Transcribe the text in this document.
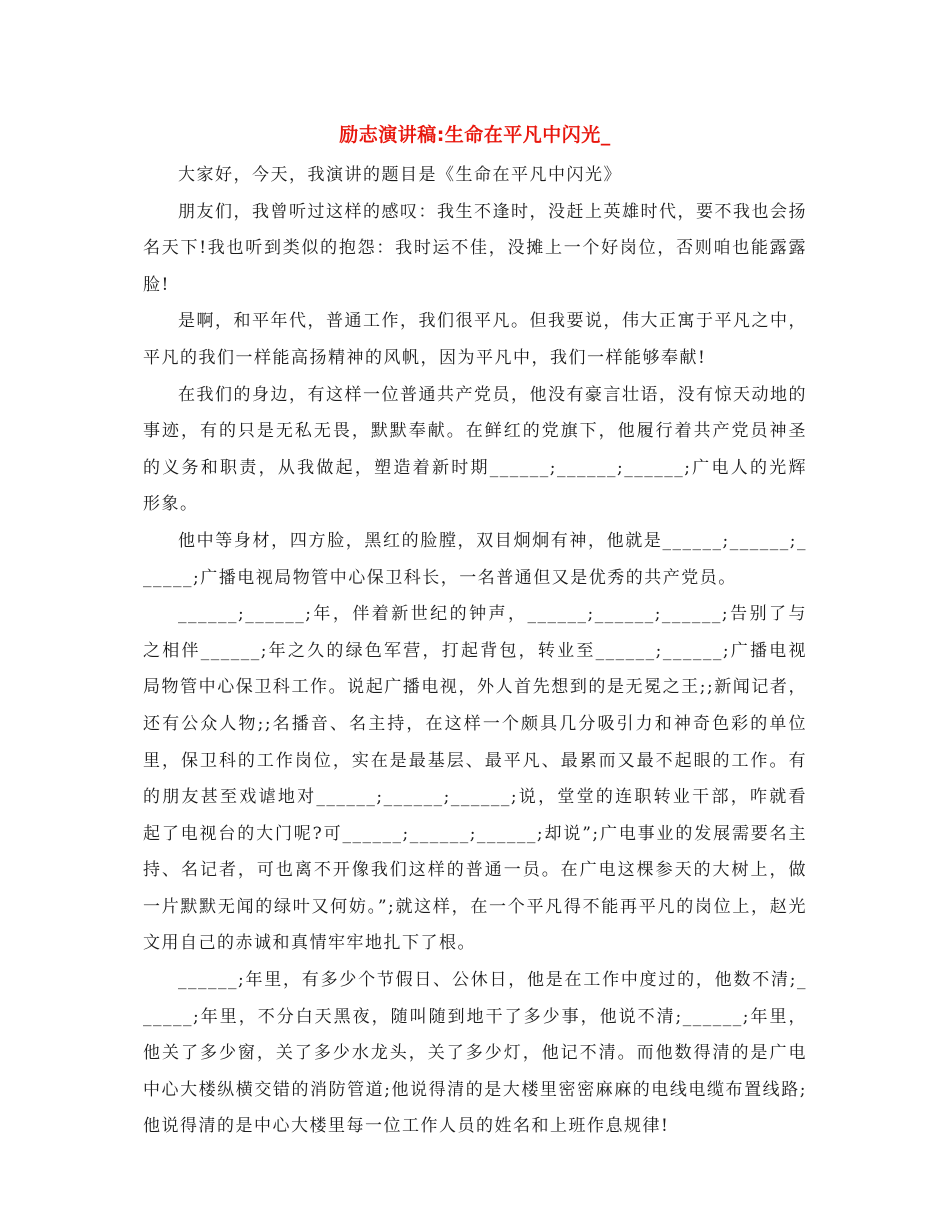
励志演讲稿:生命在平凡中闪光_

大家好，今天，我演讲的题目是《生命在平凡中闪光》

朋友们，我曾听过这样的感叹：我生不逢时，没赶上英雄时代，要不我也会扬名天下!我也听到类似的抱怨：我时运不佳，没摊上一个好岗位，否则咱也能露露脸!

是啊，和平年代，普通工作，我们很平凡。但我要说，伟大正寓于平凡之中，平凡的我们一样能高扬精神的风帆，因为平凡中，我们一样能够奉献!

在我们的身边，有这样一位普通共产党员，他没有豪言壮语，没有惊天动地的事迹，有的只是无私无畏，默默奉献。在鲜红的党旗下，他履行着共产党员神圣的义务和职责，从我做起，塑造着新时期______;______;______;广电人的光辉形象。

他中等身材，四方脸，黑红的脸膛，双目炯炯有神，他就是______;______;______;广播电视局物管中心保卫科长，一名普通但又是优秀的共产党员。

______;______;年，伴着新世纪的钟声，______;______;______;告别了与之相伴______;年之久的绿色军营，打起背包，转业至______;______;广播电视局物管中心保卫科工作。说起广播电视，外人首先想到的是无冕之王;;新闻记者，还有公众人物;;名播音、名主持，在这样一个颇具几分吸引力和神奇色彩的单位里，保卫科的工作岗位，实在是最基层、最平凡、最累而又最不起眼的工作。有的朋友甚至戏谑地对______;______;______;说，堂堂的连职转业干部，咋就看起了电视台的大门呢?可______;______;______;却说”;广电事业的发展需要名主持、名记者，可也离不开像我们这样的普通一员。在广电这棵参天的大树上，做一片默默无闻的绿叶又何妨。”;就这样，在一个平凡得不能再平凡的岗位上，赵光文用自己的赤诚和真情牢牢地扎下了根。

______;年里，有多少个节假日、公休日，他是在工作中度过的，他数不清;______;年里，不分白天黑夜，随叫随到地干了多少事，他说不清;______;年里，他关了多少窗，关了多少水龙头，关了多少灯，他记不清。而他数得清的是广电中心大楼纵横交错的消防管道;他说得清的是大楼里密密麻麻的电线电缆布置线路;他说得清的是中心大楼里每一位工作人员的姓名和上班作息规律!
